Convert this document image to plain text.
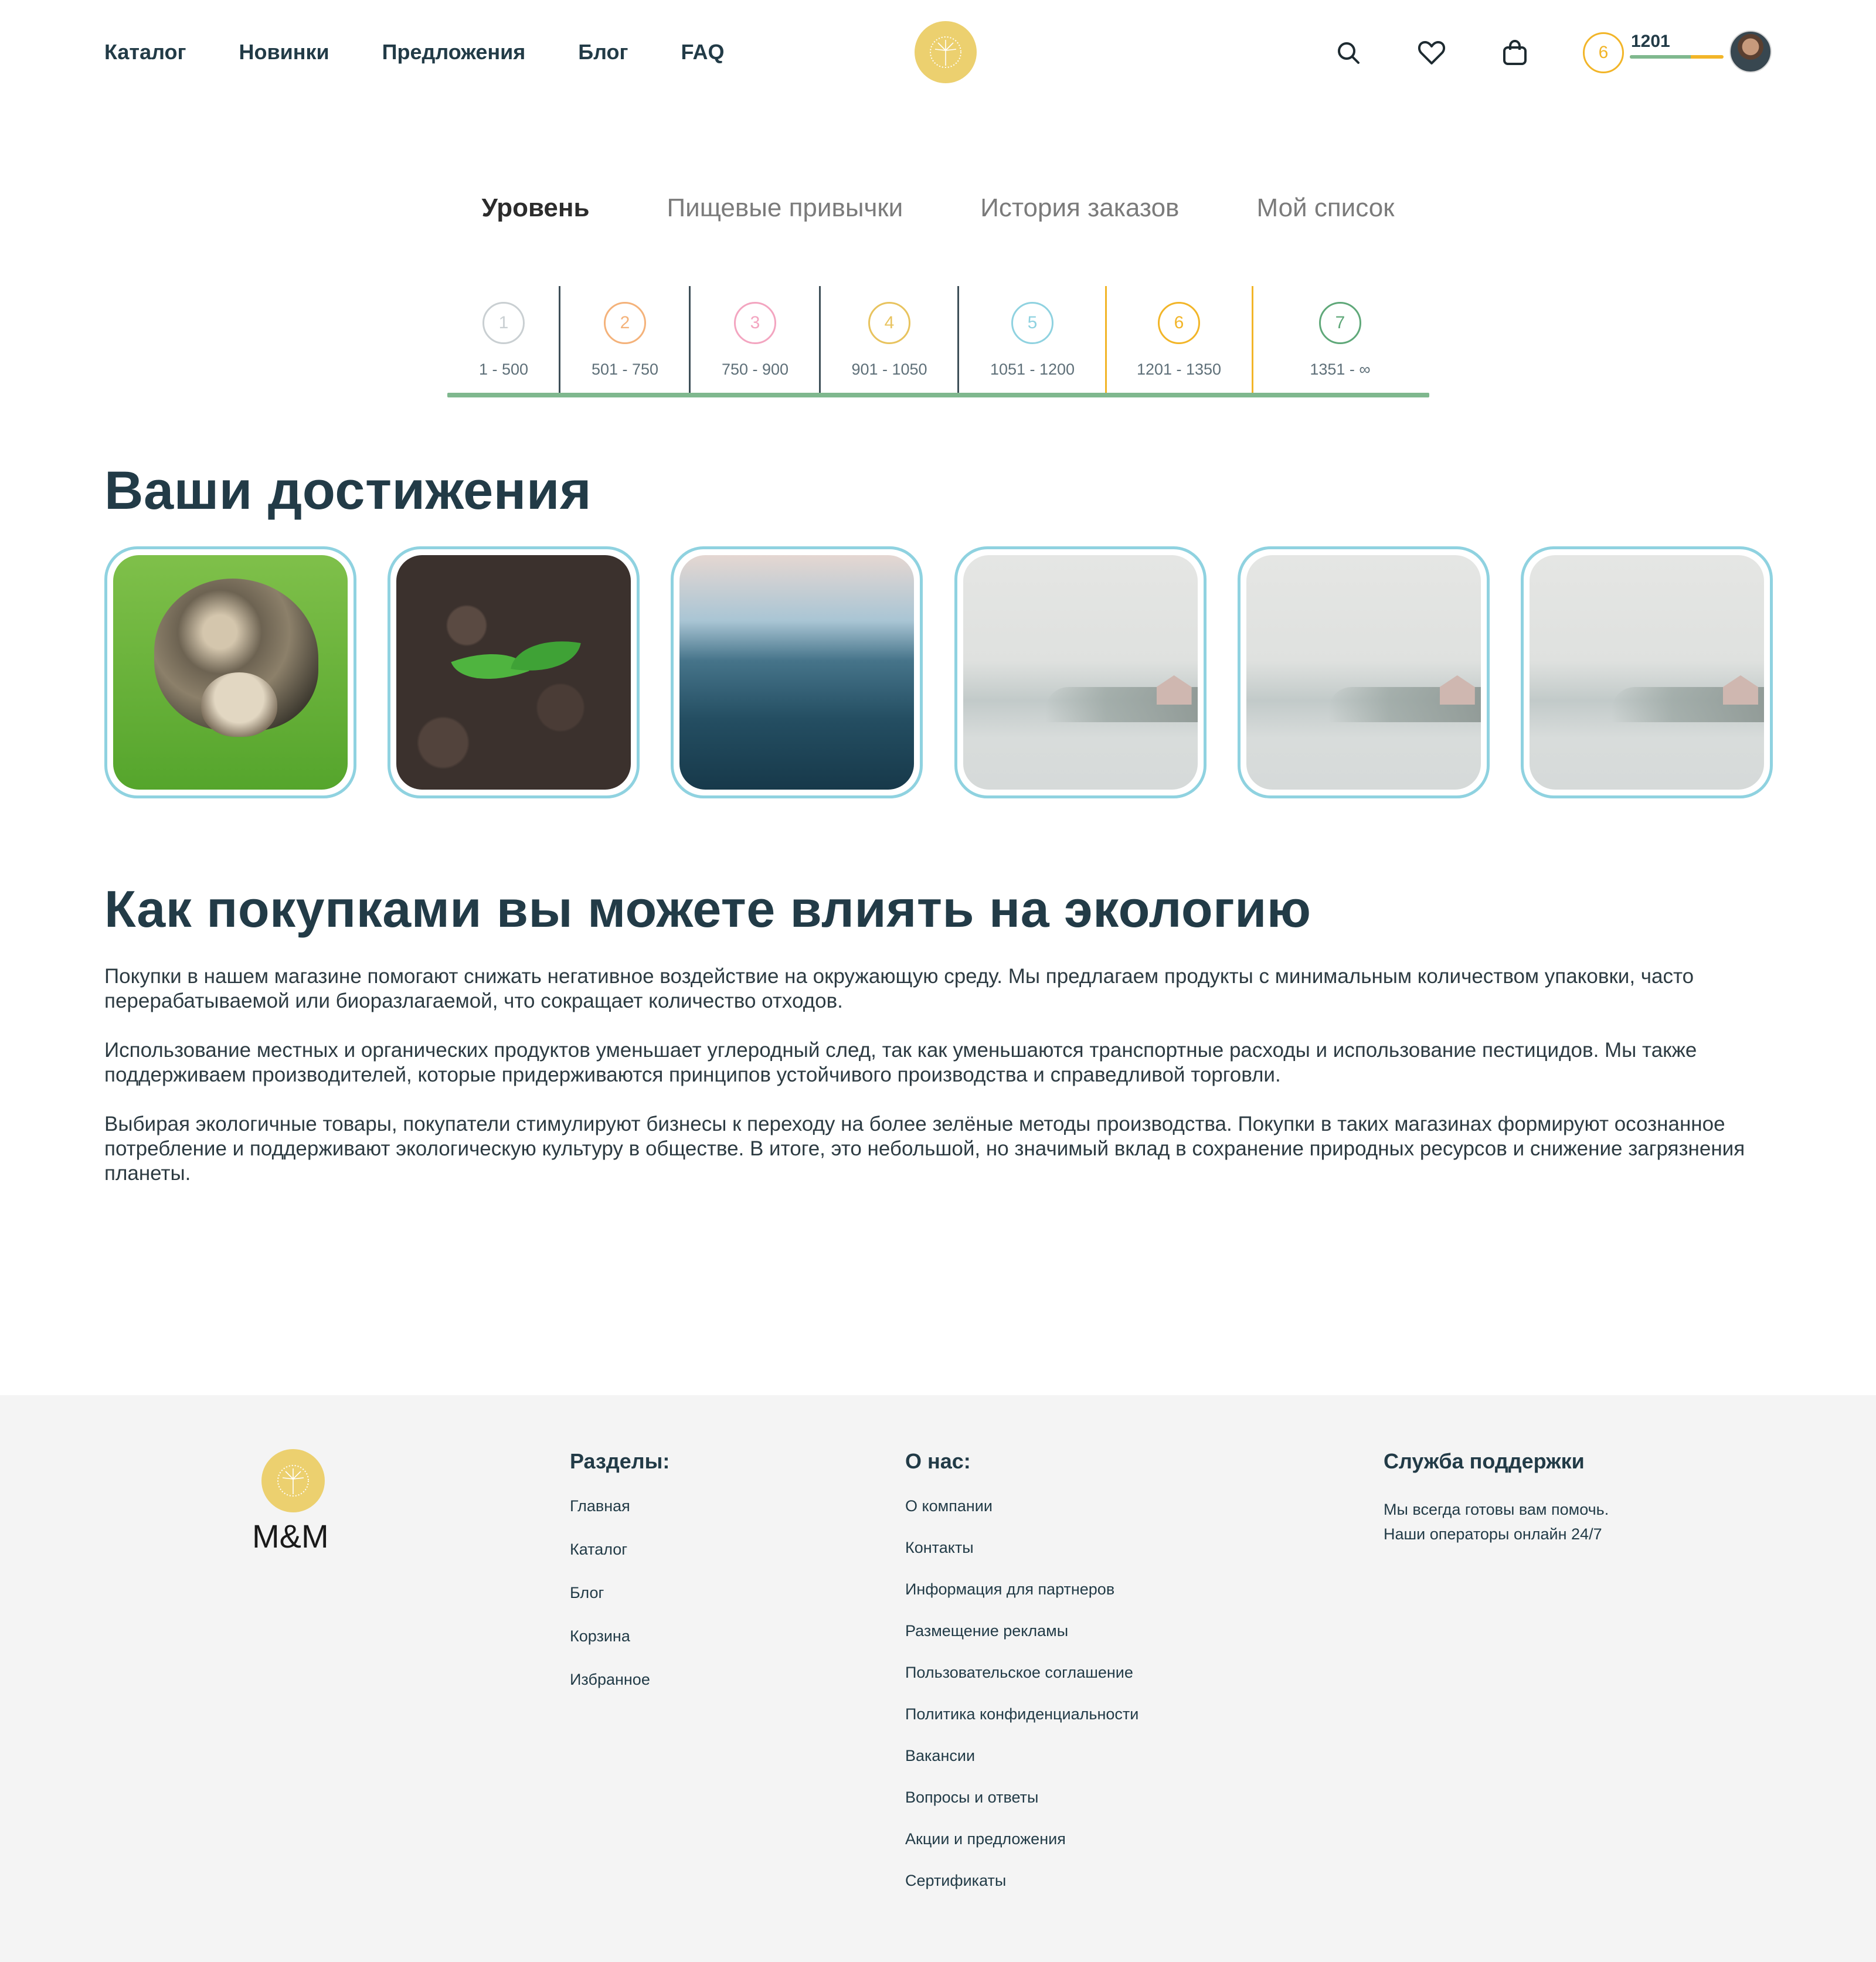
Каталог	Новинки	Предложения	Блог	FAQ	6
1201
Уровень	Пищевые привычки	История заказов	Мой список
1
1 - 500
2
501 - 750
3
750 - 900
4
901 - 1050
5
1051 - 1200
6
1201 - 1350
7
1351 - ∞
Ваши достижения
Как покупками вы можете влиять на экологию

Покупки в нашем магазине помогают снижать негативное воздействие на окружающую среду. Мы предлагаем продукты с минимальным количеством упаковки, часто перерабатываемой или биоразлагаемой, что сокращает количество отходов.

Использование местных и органических продуктов уменьшает углеродный след, так как уменьшаются транспортные расходы и использование пестицидов. Мы также поддерживаем производителей, которые придерживаются принципов устойчивого производства и справедливой торговли.

Выбирая экологичные товары, покупатели стимулируют бизнесы к переходу на более зелёные методы производства. Покупки в таких магазинах формируют осознанное потребление и поддерживают экологическую культуру в обществе. В итоге, это небольшой, но значимый вклад в сохранение природных ресурсов и снижение загрязнения планеты.

M&M
Разделы:
Главная
Каталог
Блог
Корзина
Избранное
О нас:
О компании
Контакты
Информация для партнеров
Размещение рекламы
Пользовательское соглашение
Политика конфиденциальности
Вакансии
Вопросы и ответы
Акции и предложения
Сертификаты
Служба поддержки
Мы всегда готовы вам помочь.
Наши операторы онлайн 24/7
